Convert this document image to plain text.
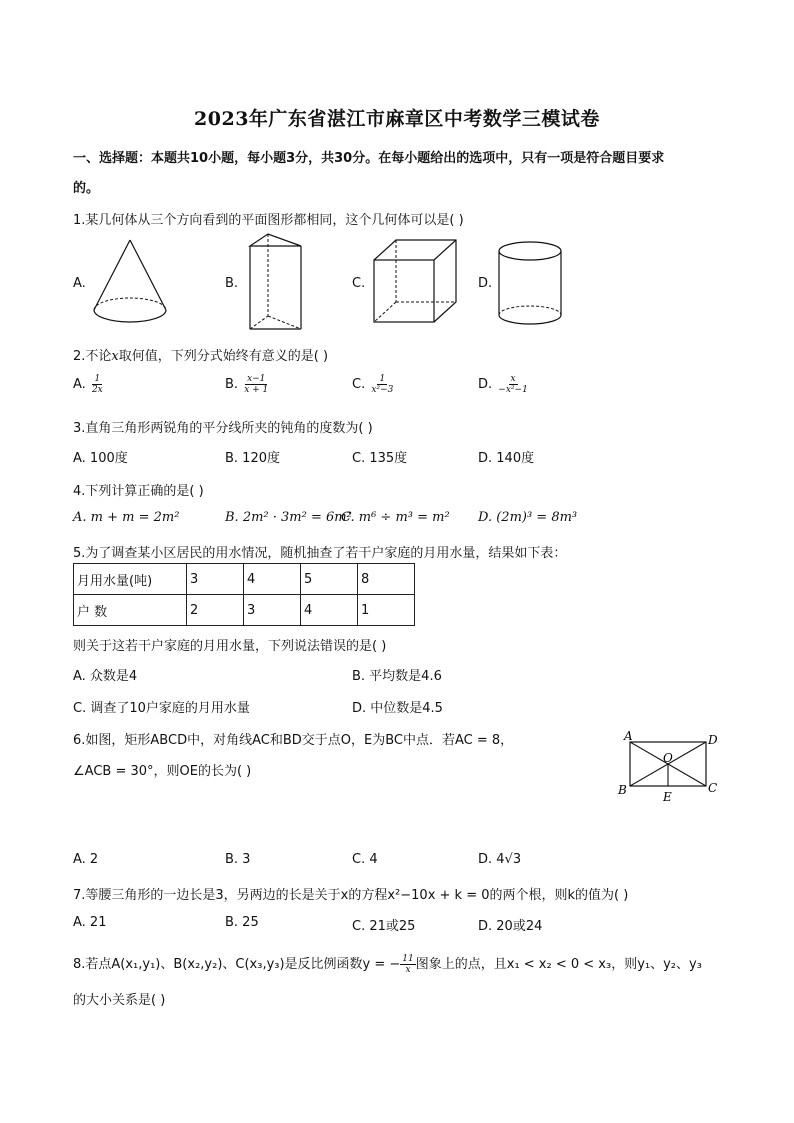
2023年广东省湛江市麻章区中考数学三模试卷
一、选择题：本题共10小题，每小题3分，共30分。在每小题给出的选项中，只有一项是符合题目要求
的。
1.某几何体从三个方向看到的平面图形都相同，这个几何体可以是( )
A.	B.	C.	D.
2.不论x取何值，下列分式始终有意义的是( )
A. $\frac{1}{2x}$	B. $\frac{x-1}{x + 1}$	C. $\frac{1}{\text{x²−3}}$	D. $\frac{x}{\text{−x²−1}}$
3.直角三角形两锐角的平分线所夹的钝角的度数为( )
A. 100度	B. 120度	C. 135度	D. 140度
4.下列计算正确的是( )
A. m + m = 2m²	B. 2m² · 3m² = 6m²
C. m⁶ ÷ m³ = m² D. (2m)³ = 8m³
5.为了调查某小区居民的用水情况，随机抽查了若干户家庭的月用水量，结果如下表：
月用水量(吨)	3	4	5	8
户 数	2	3	4	1
则关于这若干户家庭的月用水量，下列说法错误的是( )
A. 众数是4	B. 平均数是4.6
C. 调查了10户家庭的月用水量	D. 中位数是4.5
6.如图，矩形ABCD中，对角线AC和BD交于点O，E为BC中点．若AC = 8，
∠ACB = 30°，则OE的长为( )
A	D
O
B	E
C
A. 2	B. 3	C. 4	D. 4√3
7.等腰三角形的一边长是3，另两边的长是关于x的方程x²−10x + k = 0的两个根，则k的值为( )
A. 21	B. 25	C. 21或25	D. 20或24
8.若点A(x₁,y₁)、B(x₂,y₂)、C(x₃,y₃)是反比例函数y = − $\frac{11}{x}$ 图象上的点，且x₁ < x₂ < 0 < x₃，则y₁、y₂、y₃
的大小关系是( )
